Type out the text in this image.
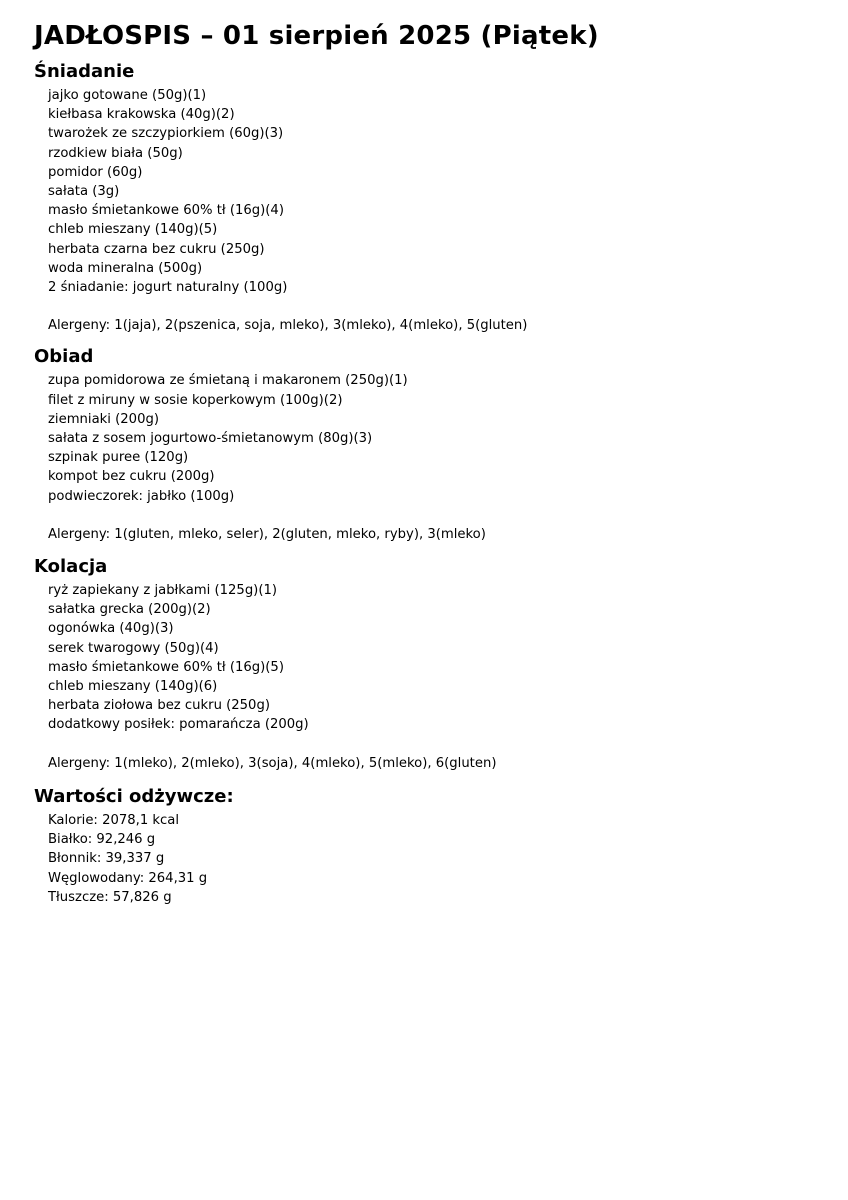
JADŁOSPIS – 01 sierpień 2025 (Piątek)
Śniadanie
jajko gotowane (50g)(1)
kiełbasa krakowska (40g)(2)
twarożek ze szczypiorkiem (60g)(3)
rzodkiew biała (50g)
pomidor (60g)
sałata (3g)
masło śmietankowe 60% tł (16g)(4)
chleb mieszany (140g)(5)
herbata czarna bez cukru (250g)
woda mineralna (500g)
2 śniadanie: jogurt naturalny (100g)
Alergeny: 1(jaja), 2(pszenica, soja, mleko), 3(mleko), 4(mleko), 5(gluten)
Obiad
zupa pomidorowa ze śmietaną i makaronem (250g)(1)
filet z miruny w sosie koperkowym (100g)(2)
ziemniaki (200g)
sałata z sosem jogurtowo-śmietanowym (80g)(3)
szpinak puree (120g)
kompot bez cukru (200g)
podwieczorek: jabłko (100g)
Alergeny: 1(gluten, mleko, seler), 2(gluten, mleko, ryby), 3(mleko)
Kolacja
ryż zapiekany z jabłkami (125g)(1)
sałatka grecka (200g)(2)
ogonówka (40g)(3)
serek twarogowy (50g)(4)
masło śmietankowe 60% tł (16g)(5)
chleb mieszany (140g)(6)
herbata ziołowa bez cukru (250g)
dodatkowy posiłek: pomarańcza (200g)
Alergeny: 1(mleko), 2(mleko), 3(soja), 4(mleko), 5(mleko), 6(gluten)
Wartości odżywcze:
Kalorie: 2078,1 kcal
Białko: 92,246 g
Błonnik: 39,337 g
Węglowodany: 264,31 g
Tłuszcze: 57,826 g
